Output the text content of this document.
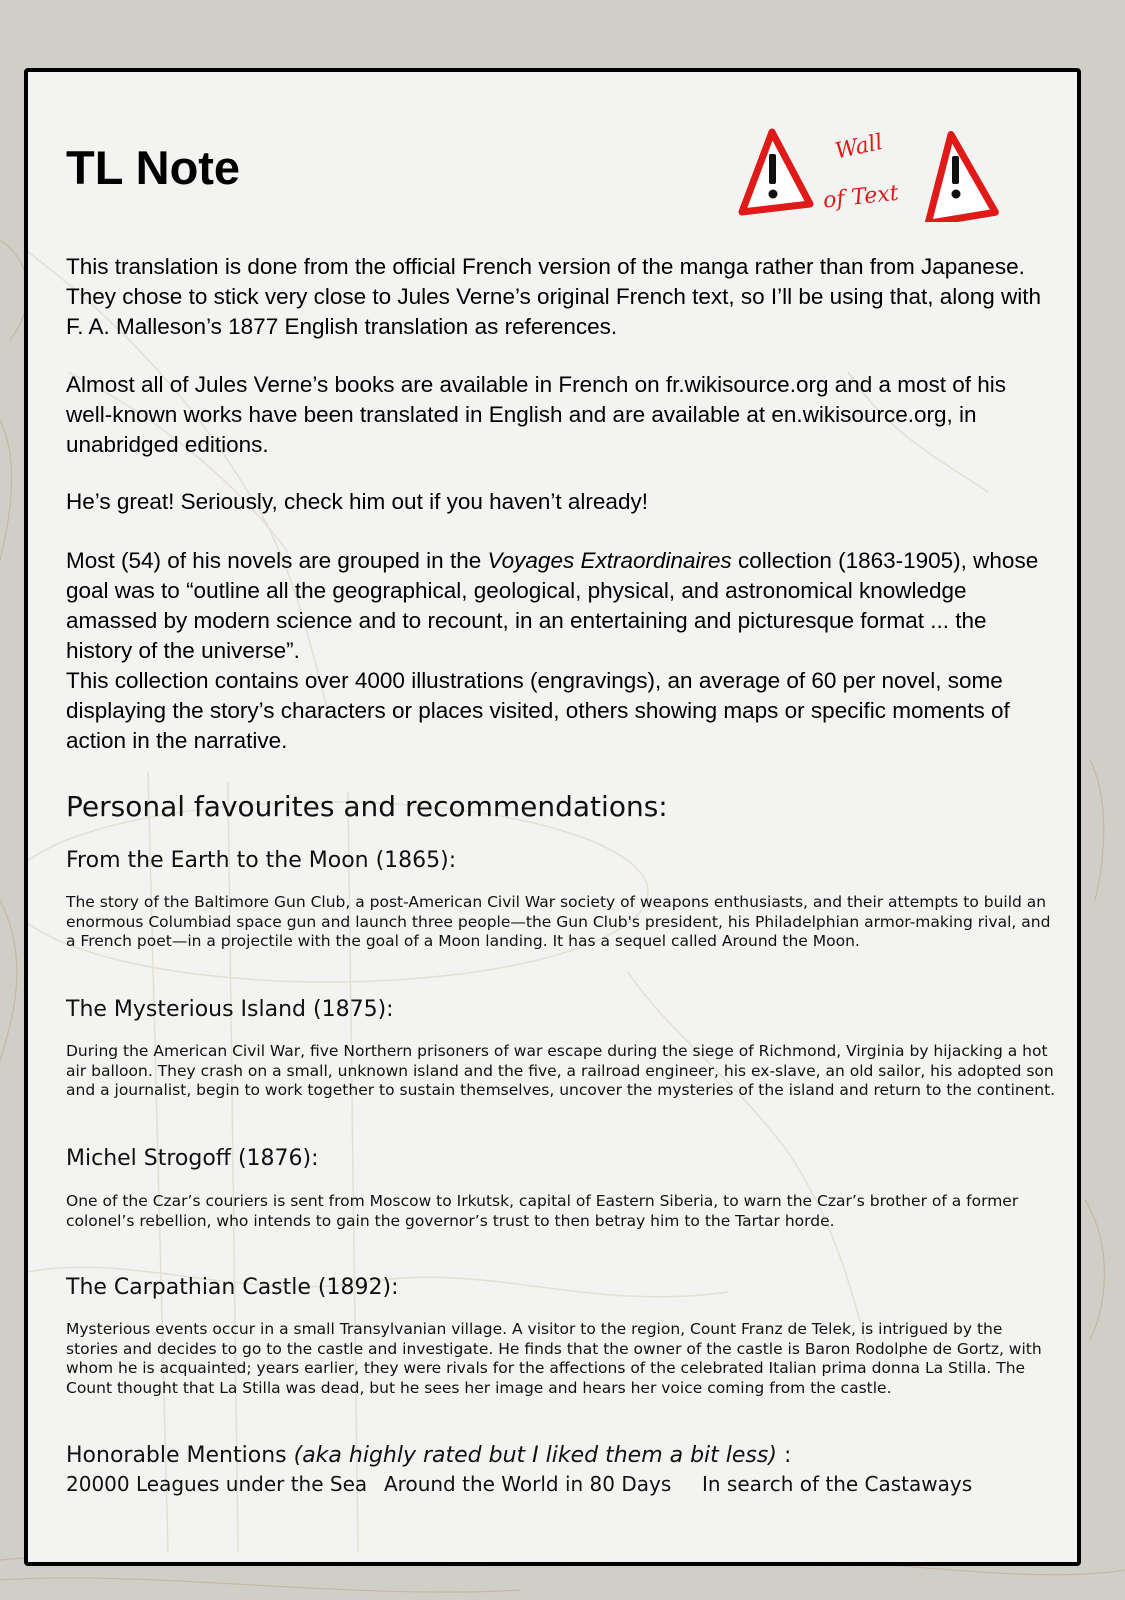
TL Note	Wall
of Text

This translation is done from the official French version of the manga rather than from Japanese. They chose to stick very close to Jules Verne’s original French text, so I’ll be using that, along with F. A. Malleson’s 1877 English translation as references.

Almost all of Jules Verne’s books are available in French on fr.wikisource.org and a most of his well-known works have been translated in English and are available at en.wikisource.org, in unabridged editions.

He’s great! Seriously, check him out if you haven’t already!

Most (54) of his novels are grouped in the Voyages Extraordinaires collection (1863-1905), whose goal was to “outline all the geographical, geological, physical, and astronomical knowledge amassed by modern science and to recount, in an entertaining and picturesque format ... the history of the universe”.
This collection contains over 4000 illustrations (engravings), an average of 60 per novel, some displaying the story’s characters or places visited, others showing maps or specific moments of action in the narrative.

Personal favourites and recommendations:
From the Earth to the Moon (1865):

The story of the Baltimore Gun Club, a post-American Civil War society of weapons enthusiasts, and their attempts to build an enormous Columbiad space gun and launch three people—the Gun Club's president, his Philadelphian armor-making rival, and a French poet—in a projectile with the goal of a Moon landing. It has a sequel called Around the Moon.

The Mysterious Island (1875):

During the American Civil War, five Northern prisoners of war escape during the siege of Richmond, Virginia by hijacking a hot air balloon. They crash on a small, unknown island and the five, a railroad engineer, his ex-slave, an old sailor, his adopted son and a journalist, begin to work together to sustain themselves, uncover the mysteries of the island and return to the continent.

Michel Strogoff (1876):

One of the Czar’s couriers is sent from Moscow to Irkutsk, capital of Eastern Siberia, to warn the Czar’s brother of a former colonel’s rebellion, who intends to gain the governor’s trust to then betray him to the Tartar horde.

The Carpathian Castle (1892):

Mysterious events occur in a small Transylvanian village. A visitor to the region, Count Franz de Telek, is intrigued by the stories and decides to go to the castle and investigate. He finds that the owner of the castle is Baron Rodolphe de Gortz, with whom he is acquainted; years earlier, they were rivals for the affections of the celebrated Italian prima donna La Stilla. The Count thought that La Stilla was dead, but he sees her image and hears her voice coming from the castle.

Honorable Mentions (aka highly rated but I liked them a bit less) :
20000 Leagues under the Sea Around the World in 80 Days In search of the Castaways
